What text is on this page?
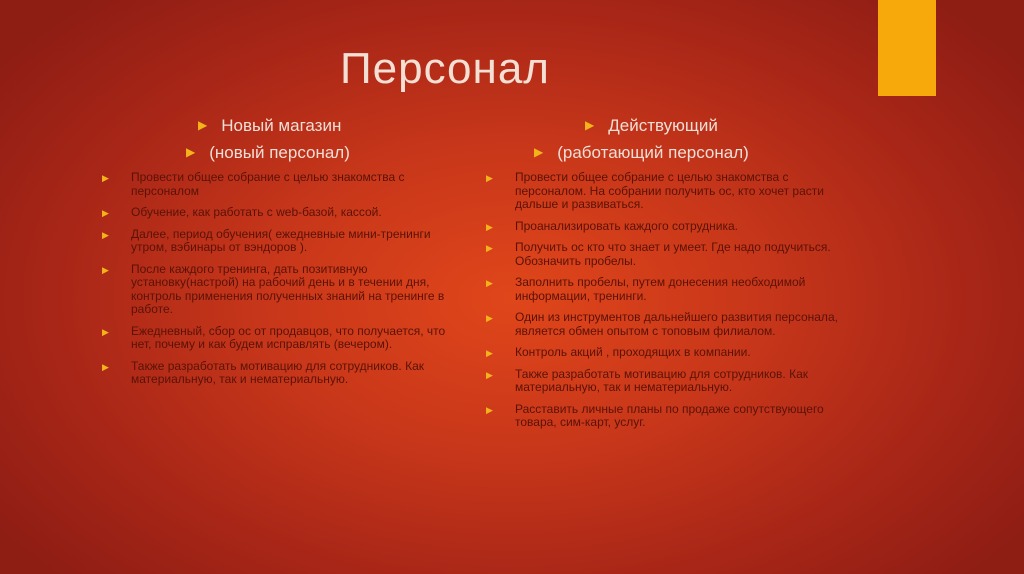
Персонал
▶ Новый магазин
▶ (новый персонал)
▶ Действующий
▶ (работающий персонал)
▶ Провести общее собрание с целью знакомства с персоналом
▶ Обучение, как работать с web-базой, кассой.
▶ Далее, период обучения( ежедневные мини-тренинги утром, вэбинары от вэндоров ).
▶ После каждого тренинга, дать позитивную установку(настрой) на рабочий день и в течении дня, контроль применения полученных знаний на тренинге в работе.
▶ Ежедневный, сбор ос от продавцов, что получается, что нет, почему и как будем исправлять (вечером).
▶ Также разработать мотивацию для сотрудников. Как материальную, так и нематериальную.
▶ Провести общее собрание с целью знакомства с персоналом. На собрании получить ос, кто хочет расти дальше и развиваться.
▶ Проанализировать каждого сотрудника.
▶ Получить ос кто что знает и умеет. Где надо подучиться. Обозначить пробелы.
▶ Заполнить пробелы, путем донесения необходимой информации, тренинги.
▶ Один из инструментов дальнейшего развития персонала, является обмен опытом с топовым филиалом.
▶ Контроль акций , проходящих в компании.
▶ Также разработать мотивацию для сотрудников. Как материальную, так и нематериальную.
▶ Расставить личные планы по продаже сопутствующего товара, сим-карт, услуг.
